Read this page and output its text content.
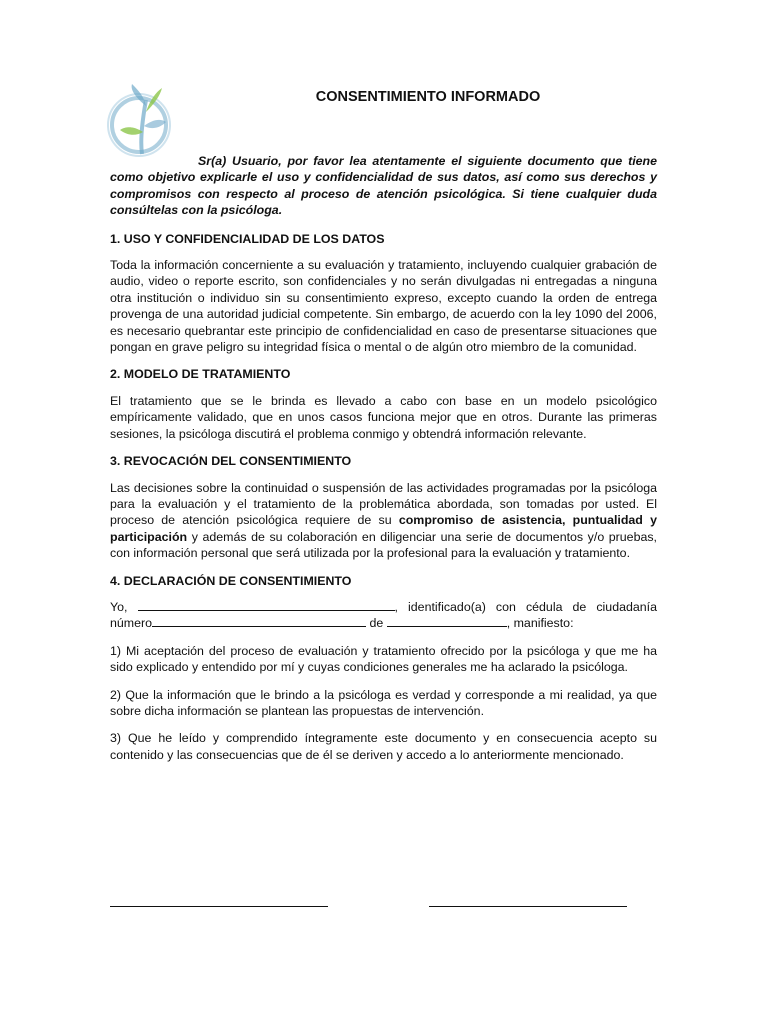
CONSENTIMIENTO INFORMADO

Sr(a) Usuario, por favor lea atentamente el siguiente documento que tiene como objetivo explicarle el uso y confidencialidad de sus datos, así como sus derechos y compromisos con respecto al proceso de atención psicológica. Si tiene cualquier duda consúltelas con la psicóloga.

1. USO Y CONFIDENCIALIDAD DE LOS DATOS

Toda la información concerniente a su evaluación y tratamiento, incluyendo cualquier grabación de audio, video o reporte escrito, son confidenciales y no serán divulgadas ni entregadas a ninguna otra institución o individuo sin su consentimiento expreso, excepto cuando la orden de entrega provenga de una autoridad judicial competente. Sin embargo, de acuerdo con la ley 1090 del 2006, es necesario quebrantar este principio de confidencialidad en caso de presentarse situaciones que pongan en grave peligro su integridad física o mental o de algún otro miembro de la comunidad.

2. MODELO DE TRATAMIENTO

El tratamiento que se le brinda es llevado a cabo con base en un modelo psicológico empíricamente validado, que en unos casos funciona mejor que en otros. Durante las primeras sesiones, la psicóloga discutirá el problema conmigo y obtendrá información relevante.

3. REVOCACIÓN DEL CONSENTIMIENTO

Las decisiones sobre la continuidad o suspensión de las actividades programadas por la psicóloga para la evaluación y el tratamiento de la problemática abordada, son tomadas por usted. El proceso de atención psicológica requiere de su compromiso de asistencia, puntualidad y participación y además de su colaboración en diligenciar una serie de documentos y/o pruebas, con información personal que será utilizada por la profesional para la evaluación y tratamiento.

4. DECLARACIÓN DE CONSENTIMIENTO

Yo,	, identificado(a) con cédula de ciudadanía número	de	, manifiesto:

1) Mi aceptación del proceso de evaluación y tratamiento ofrecido por la psicóloga y que me ha sido explicado y entendido por mí y cuyas condiciones generales me ha aclarado la psicóloga.

2) Que la información que le brindo a la psicóloga es verdad y corresponde a mi realidad, ya que sobre dicha información se plantean las propuestas de intervención.

3) Que he leído y comprendido íntegramente este documento y en consecuencia acepto su contenido y las consecuencias que de él se deriven y accedo a lo anteriormente mencionado.
